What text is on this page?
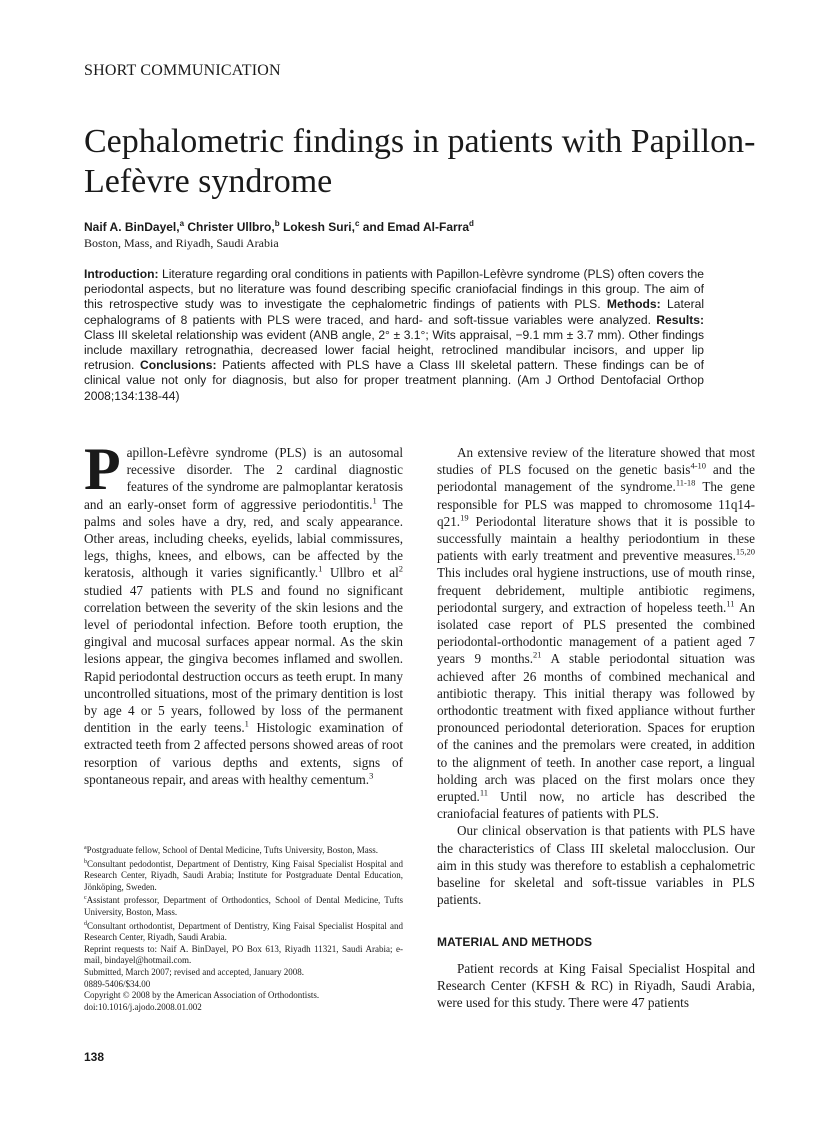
SHORT COMMUNICATION
Cephalometric findings in patients with Papillon-Lefèvre syndrome
Naif A. BinDayel,$^a$ Christer Ullbro,$^b$ Lokesh Suri,$^c$ and Emad Al-Farra$^d$
Boston, Mass, and Riyadh, Saudi Arabia

Introduction: Literature regarding oral conditions in patients with Papillon-Lefèvre syndrome (PLS) often covers the periodontal aspects, but no literature was found describing specific craniofacial findings in this group. The aim of this retrospective study was to investigate the cephalometric findings of patients with PLS. Methods: Lateral cephalograms of 8 patients with PLS were traced, and hard- and soft-tissue variables were analyzed. Results: Class III skeletal relationship was evident (ANB angle, 2° ± 3.1°; Wits appraisal, −9.1 mm ± 3.7 mm). Other findings include maxillary retrognathia, decreased lower facial height, retroclined mandibular incisors, and upper lip retrusion. Conclusions: Patients affected with PLS have a Class III skeletal pattern. These findings can be of clinical value not only for diagnosis, but also for proper treatment planning. (Am J Orthod Dentofacial Orthop 2008;134:138-44)

Papillon-Lefèvre syndrome (PLS) is an autosomal recessive disorder. The 2 cardinal diagnostic features of the syndrome are palmoplantar keratosis and an early-onset form of aggressive periodontitis.$^1$ The palms and soles have a dry, red, and scaly appearance. Other areas, including cheeks, eyelids, labial commissures, legs, thighs, knees, and elbows, can be affected by the keratosis, although it varies significantly.$^1$ Ullbro et $al^2$ studied 47 patients with PLS and found no significant correlation between the severity of the skin lesions and the level of periodontal infection. Before tooth eruption, the gingival and mucosal surfaces appear normal. As the skin lesions appear, the gingiva becomes inflamed and swollen. Rapid periodontal destruction occurs as teeth erupt. In many uncontrolled situations, most of the primary dentition is lost by age 4 or 5 years, followed by loss of the permanent dentition in the early teens.$^1$ Histologic examination of extracted teeth from 2 affected persons showed areas of root resorption of various depths and extents, signs of spontaneous repair, and areas with healthy cementum.$^3$

$^a$Postgraduate fellow, School of Dental Medicine, Tufts University, Boston, Mass.

$^b$Consultant pedodontist, Department of Dentistry, King Faisal Specialist Hospital and Research Center, Riyadh, Saudi Arabia; Institute for Postgraduate Dental Education, Jönköping, Sweden.

$^c$Assistant professor, Department of Orthodontics, School of Dental Medicine, Tufts University, Boston, Mass.

$^d$Consultant orthodontist, Department of Dentistry, King Faisal Specialist Hospital and Research Center, Riyadh, Saudi Arabia.

Reprint requests to: Naif A. BinDayel, PO Box 613, Riyadh 11321, Saudi Arabia; e-mail, bindayel@hotmail.com.

Submitted, March 2007; revised and accepted, January 2008.

0889-5406/$34.00

Copyright © 2008 by the American Association of Orthodontists.

doi:10.1016/j.ajodo.2008.01.002

An extensive review of the literature showed that most studies of PLS focused on the genetic basis$^{4-10}$ and the periodontal management of the syndrome.$^{11-18}$ The gene responsible for PLS was mapped to chromosome 11q14-q21.19 Periodontal literature shows that it is possible to successfully maintain a healthy periodontium in these patients with early treatment and preventive measures.$^{15,20}$ This includes oral hygiene instructions, use of mouth rinse, frequent debridement, multiple antibiotic regimens, periodontal surgery, and extraction of hopeless teeth.$^{11}$ An isolated case report of PLS presented the combined periodontal-orthodontic management of a patient aged 7 years 9 months.$^{21}$ A stable periodontal situation was achieved after 26 months of combined mechanical and antibiotic therapy. This initial therapy was followed by orthodontic treatment with fixed appliance without further pronounced periodontal deterioration. Spaces for eruption of the canines and the premolars were created, in addition to the alignment of teeth. In another case report, a lingual holding arch was placed on the first molars once they erupted.$^{11}$ Until now, no article has described the craniofacial features of patients with PLS.

Our clinical observation is that patients with PLS have the characteristics of Class III skeletal malocclusion. Our aim in this study was therefore to establish a cephalometric baseline for skeletal and soft-tissue variables in PLS patients.

MATERIAL AND METHODS

Patient records at King Faisal Specialist Hospital and Research Center (KFSH & RC) in Riyadh, Saudi Arabia, were used for this study. There were 47 patients

138
